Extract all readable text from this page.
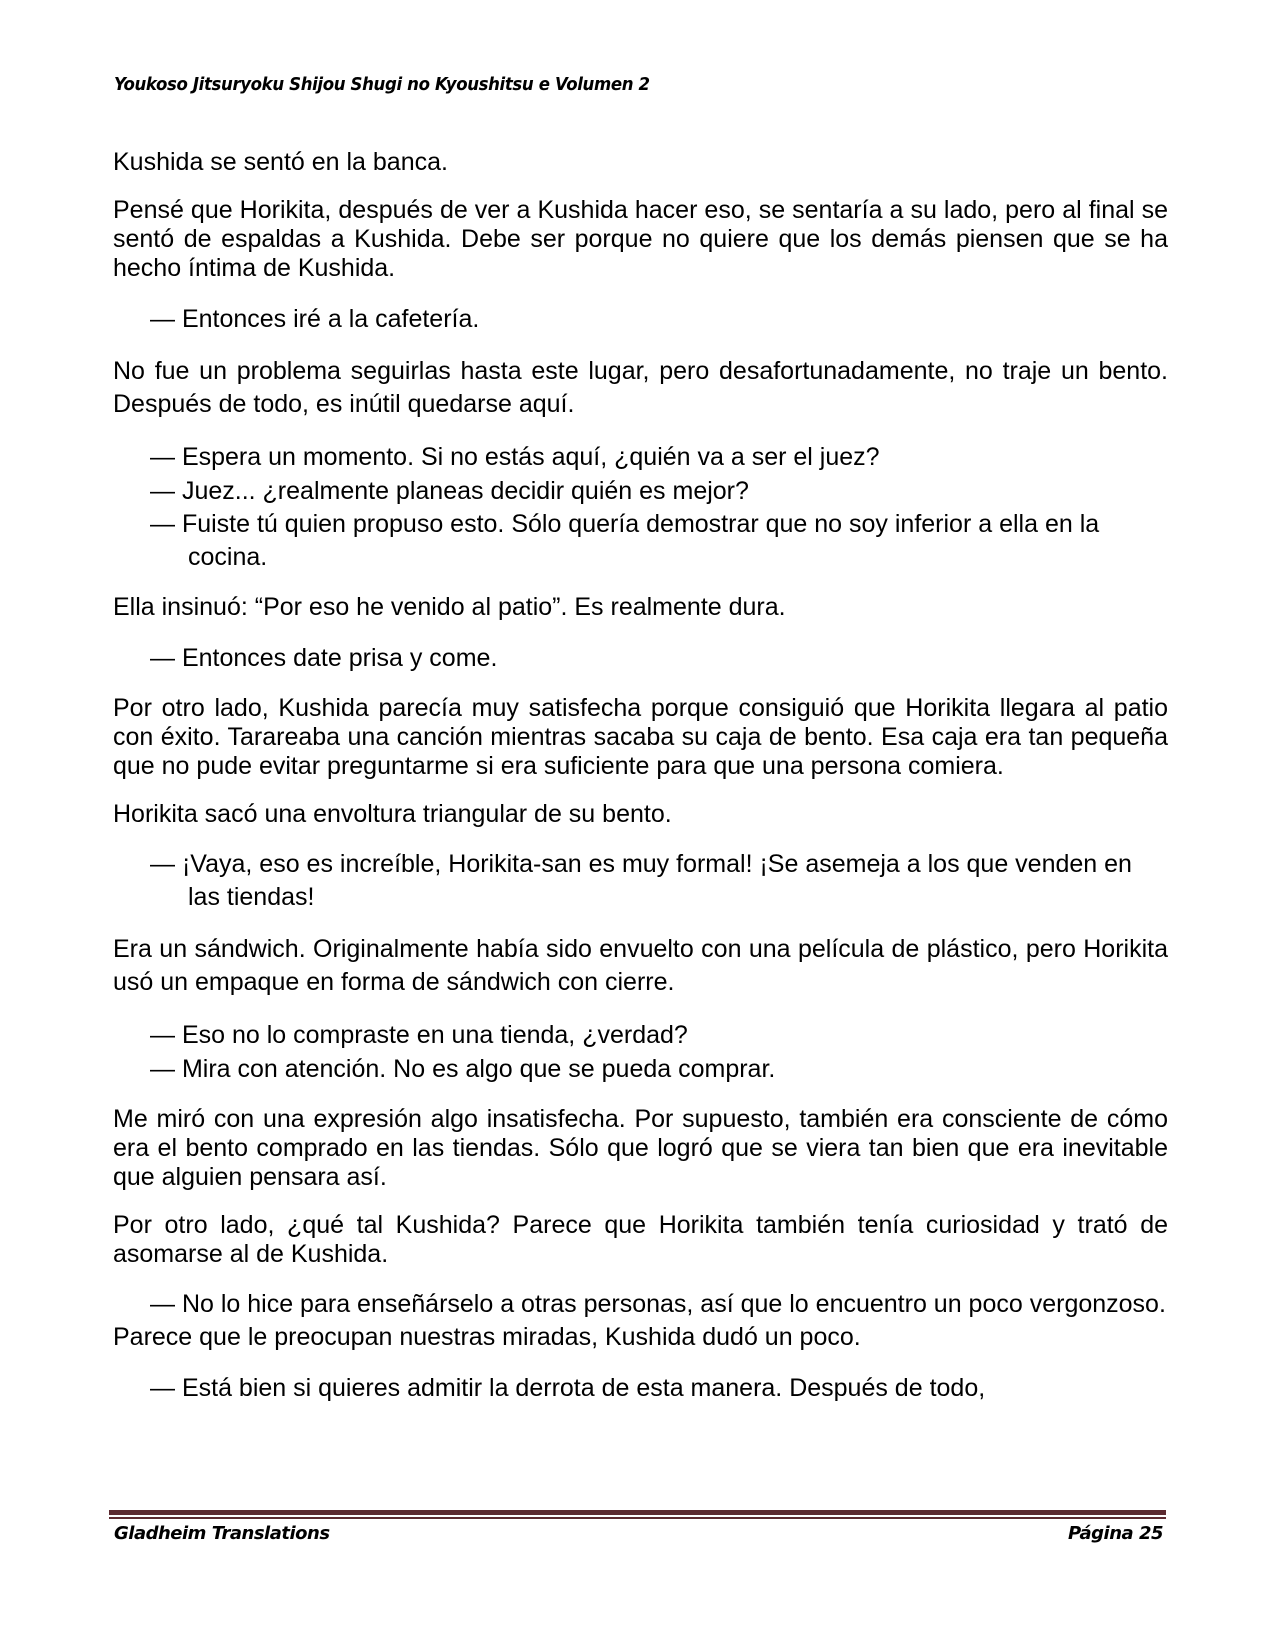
Youkoso Jitsuryoku Shijou Shugi no Kyoushitsu e Volumen 2

Kushida se sentó en la banca.

Pensé que Horikita, después de ver a Kushida hacer eso, se sentaría a su lado, pero al final se sentó de espaldas a Kushida. Debe ser porque no quiere que los demás piensen que se ha hecho íntima de Kushida.

— Entonces iré a la cafetería.

No fue un problema seguirlas hasta este lugar, pero desafortunadamente, no traje un bento. Después de todo, es inútil quedarse aquí.

— Espera un momento. Si no estás aquí, ¿quién va a ser el juez?

— Juez... ¿realmente planeas decidir quién es mejor?

— Fuiste tú quien propuso esto. Sólo quería demostrar que no soy inferior a ella en la cocina.

Ella insinuó: “Por eso he venido al patio”. Es realmente dura.

— Entonces date prisa y come.

Por otro lado, Kushida parecía muy satisfecha porque consiguió que Horikita llegara al patio con éxito. Tarareaba una canción mientras sacaba su caja de bento. Esa caja era tan pequeña que no pude evitar preguntarme si era suficiente para que una persona comiera.

Horikita sacó una envoltura triangular de su bento.

— ¡Vaya, eso es increíble, Horikita-san es muy formal! ¡Se asemeja a los que venden en las tiendas!

Era un sándwich. Originalmente había sido envuelto con una película de plástico, pero Horikita usó un empaque en forma de sándwich con cierre.

— Eso no lo compraste en una tienda, ¿verdad?

— Mira con atención. No es algo que se pueda comprar.

Me miró con una expresión algo insatisfecha. Por supuesto, también era consciente de cómo era el bento comprado en las tiendas. Sólo que logró que se viera tan bien que era inevitable que alguien pensara así.

Por otro lado, ¿qué tal Kushida? Parece que Horikita también tenía curiosidad y trató de asomarse al de Kushida.

— No lo hice para enseñárselo a otras personas, así que lo encuentro un poco vergonzoso.

Parece que le preocupan nuestras miradas, Kushida dudó un poco.

— Está bien si quieres admitir la derrota de esta manera. Después de todo,

Gladheim Translations	Página 25
